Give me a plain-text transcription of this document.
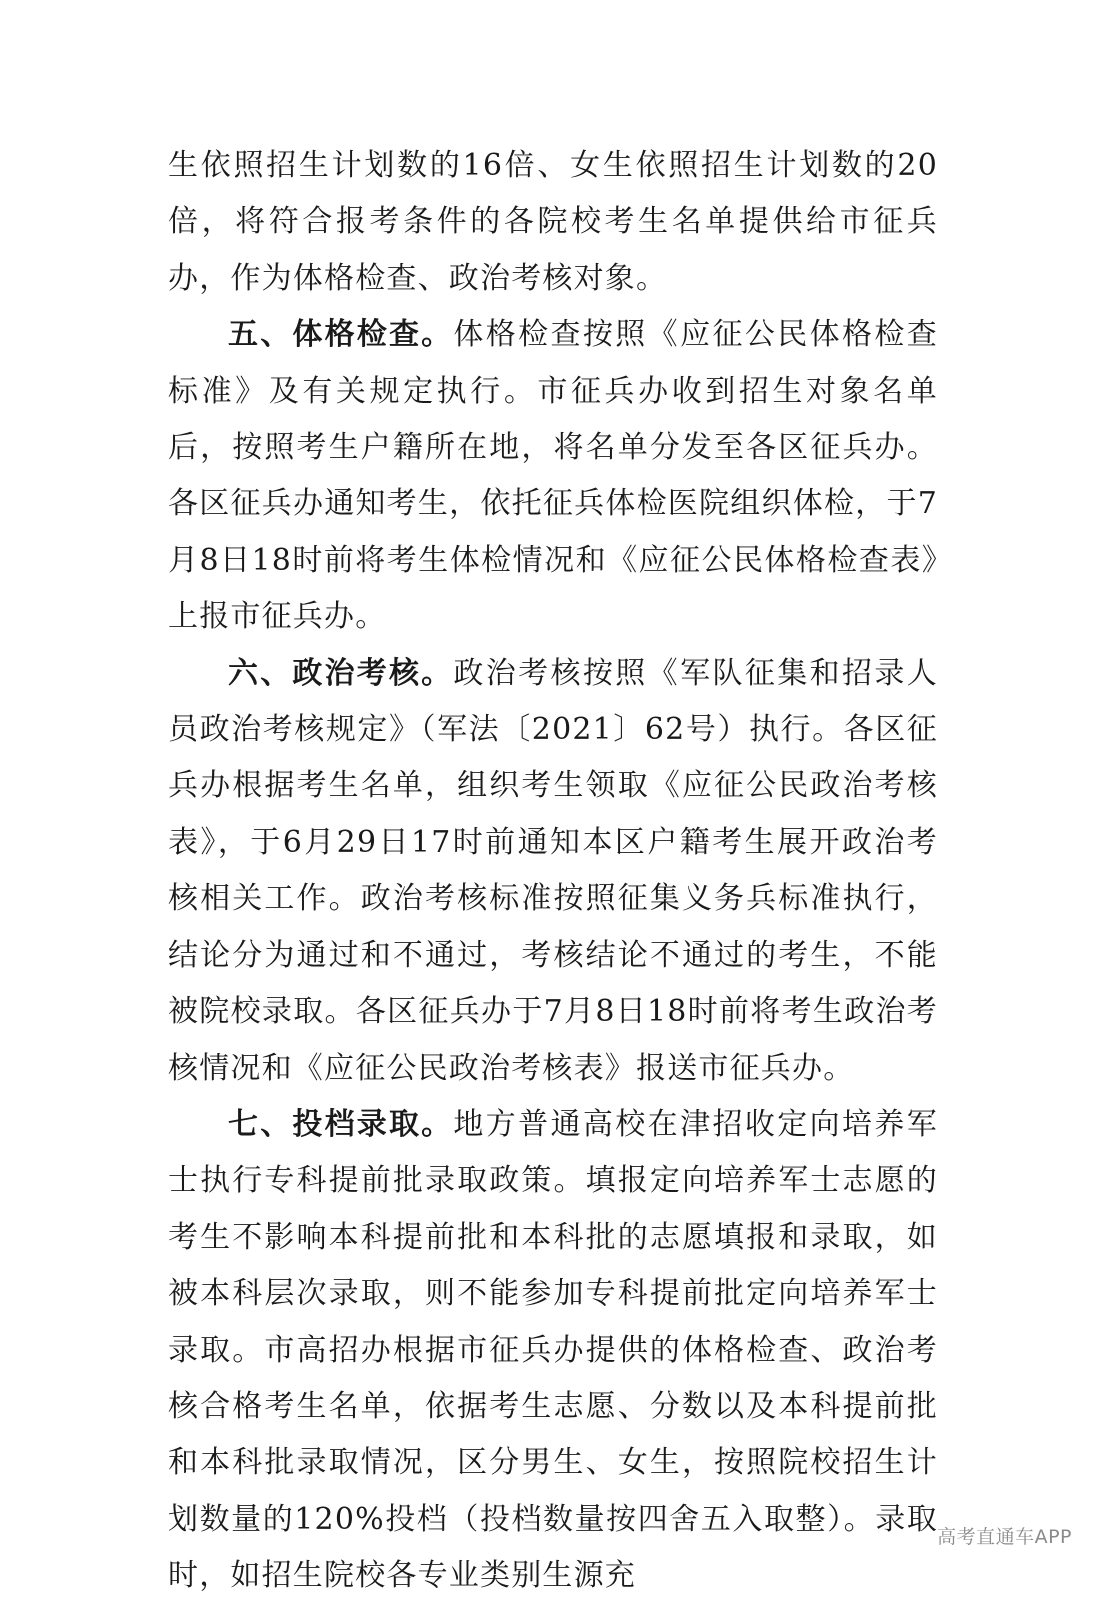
生依照招生计划数的16倍、女生依照招生计划数的20倍，将符合报考条件的各院校考生名单提供给市征兵办，作为体格检查、政治考核对象。

五、体格检查。体格检查按照《应征公民体格检查标准》及有关规定执行。市征兵办收到招生对象名单后，按照考生户籍所在地，将名单分发至各区征兵办。各区征兵办通知考生，依托征兵体检医院组织体检，于7月8日18时前将考生体检情况和《应征公民体格检查表》上报市征兵办。

六、政治考核。政治考核按照《军队征集和招录人员政治考核规定》（军法〔2021〕62号）执行。各区征兵办根据考生名单，组织考生领取《应征公民政治考核表》，于6月29日17时前通知本区户籍考生展开政治考核相关工作。政治考核标准按照征集义务兵标准执行，结论分为通过和不通过，考核结论不通过的考生，不能被院校录取。各区征兵办于7月8日18时前将考生政治考核情况和《应征公民政治考核表》报送市征兵办。

七、投档录取。地方普通高校在津招收定向培养军士执行专科提前批录取政策。填报定向培养军士志愿的考生不影响本科提前批和本科批的志愿填报和录取，如被本科层次录取，则不能参加专科提前批定向培养军士录取。市高招办根据市征兵办提供的体格检查、政治考核合格考生名单，依据考生志愿、分数以及本科提前批和本科批录取情况，区分男生、女生，按照院校招生计划数量的120%投档（投档数量按四舍五入取整）。录取时，如招生院校各专业类别生源充

高考直通车APP
